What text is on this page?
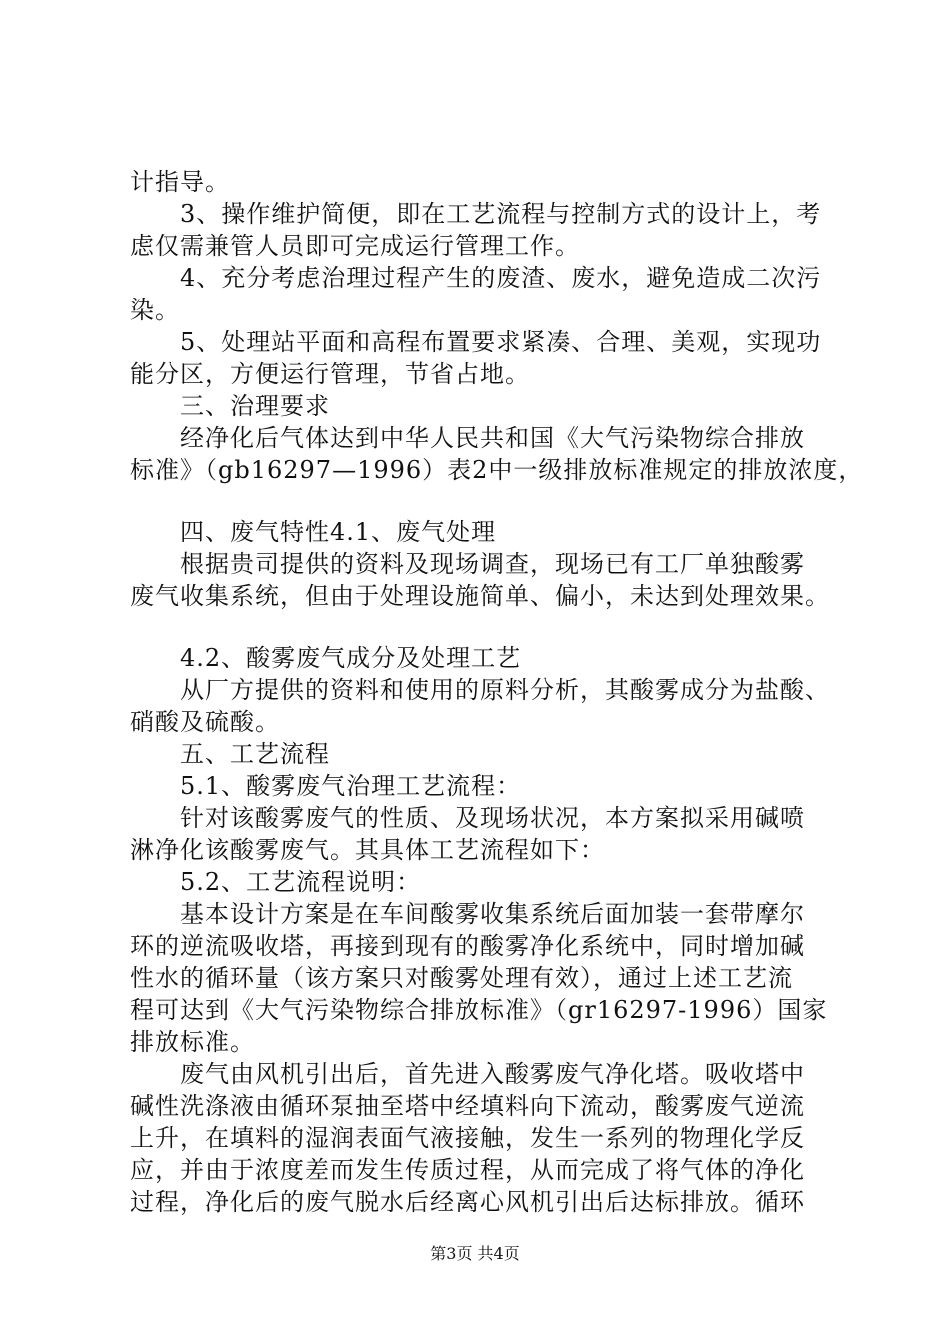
计指导。
3、操作维护简便，即在工艺流程与控制方式的设计上，考
虑仅需兼管人员即可完成运行管理工作。
4、充分考虑治理过程产生的废渣、废水，避免造成二次污
染。
5、处理站平面和高程布置要求紧凑、合理、美观，实现功
能分区，方便运行管理，节省占地。
三、治理要求
经净化后气体达到中华人民共和国《大气污染物综合排放
标准》（gb16297—1996）表2中一级排放标准规定的排放浓度，
四、废气特性4.1、废气处理
根据贵司提供的资料及现场调查，现场已有工厂单独酸雾
废气收集系统，但由于处理设施简单、偏小，未达到处理效果。
4.2、酸雾废气成分及处理工艺
从厂方提供的资料和使用的原料分析，其酸雾成分为盐酸、
硝酸及硫酸。
五、工艺流程
5.1、酸雾废气治理工艺流程：
针对该酸雾废气的性质、及现场状况，本方案拟采用碱喷
淋净化该酸雾废气。其具体工艺流程如下：
5.2、工艺流程说明：
基本设计方案是在车间酸雾收集系统后面加装一套带摩尔
环的逆流吸收塔，再接到现有的酸雾净化系统中，同时增加碱
性水的循环量（该方案只对酸雾处理有效），通过上述工艺流
程可达到《大气污染物综合排放标准》（gr16297-1996）国家
排放标准。
废气由风机引出后，首先进入酸雾废气净化塔。吸收塔中
碱性洗涤液由循环泵抽至塔中经填料向下流动，酸雾废气逆流
上升，在填料的湿润表面气液接触，发生一系列的物理化学反
应，并由于浓度差而发生传质过程，从而完成了将气体的净化
过程，净化后的废气脱水后经离心风机引出后达标排放。循环
第3页 共4页
